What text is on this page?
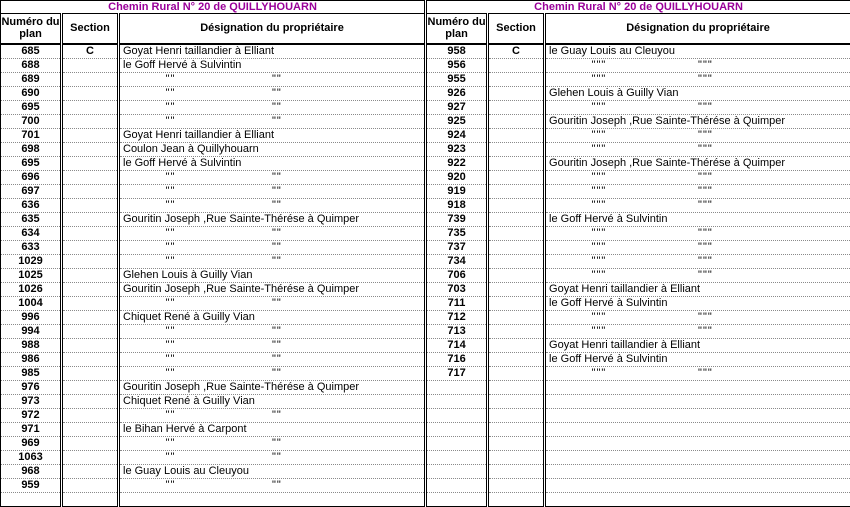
Chemin Rural N° 20 de QUILLYHOUARN		
Numéro du plan	Section	Désignation du propriétaire
685	C	Goyat Henri taillandier à Elliant
688		le Goff Hervé à Sulvintin
689		"" ""

690		"" ""

695		"" ""

700		"" ""

701		Goyat Henri taillandier à Elliant
698		Coulon Jean à Quillyhouarn
695		le Goff Hervé à Sulvintin
696		"" ""

697		"" ""

636		"" ""

635		Gouritin Joseph ,Rue Sainte-Thérése à Quimper
634		"" ""

633		"" ""

1029		"" ""

1025		Glehen Louis à Guilly Vian
1026		Gouritin Joseph ,Rue Sainte-Thérése à Quimper
1004		"" ""

996		Chiquet René à Guilly Vian
994		"" ""

988		"" ""

986		"" ""

985		"" ""

976		Gouritin Joseph ,Rue Sainte-Thérése à Quimper
973		Chiquet René à Guilly Vian
972		"" ""

971		le Bihan Hervé à Carpont
969		"" ""

1063		"" ""

968		le Guay Louis au Cleuyou
959		"" ""

Chemin Rural N° 20 de QUILLYHOUARN		
Numéro du plan	Section	Désignation du propriétaire
958	C	le Guay Louis au Cleuyou
956		""" """

955		""" """

926		Glehen Louis à Guilly Vian
927		""" """

925		Gouritin Joseph ,Rue Sainte-Thérése à Quimper
924		""" """

923		""" """

922		Gouritin Joseph ,Rue Sainte-Thérése à Quimper
920		""" """

919		""" """

918		""" """

739		le Goff Hervé à Sulvintin
735		""" """

737		""" """

734		""" """

706		""" """

703		Goyat Henri taillandier à Elliant
711		le Goff Hervé à Sulvintin
712		""" """

713		""" """

714		Goyat Henri taillandier à Elliant
716		le Goff Hervé à Sulvintin
717		""" """
